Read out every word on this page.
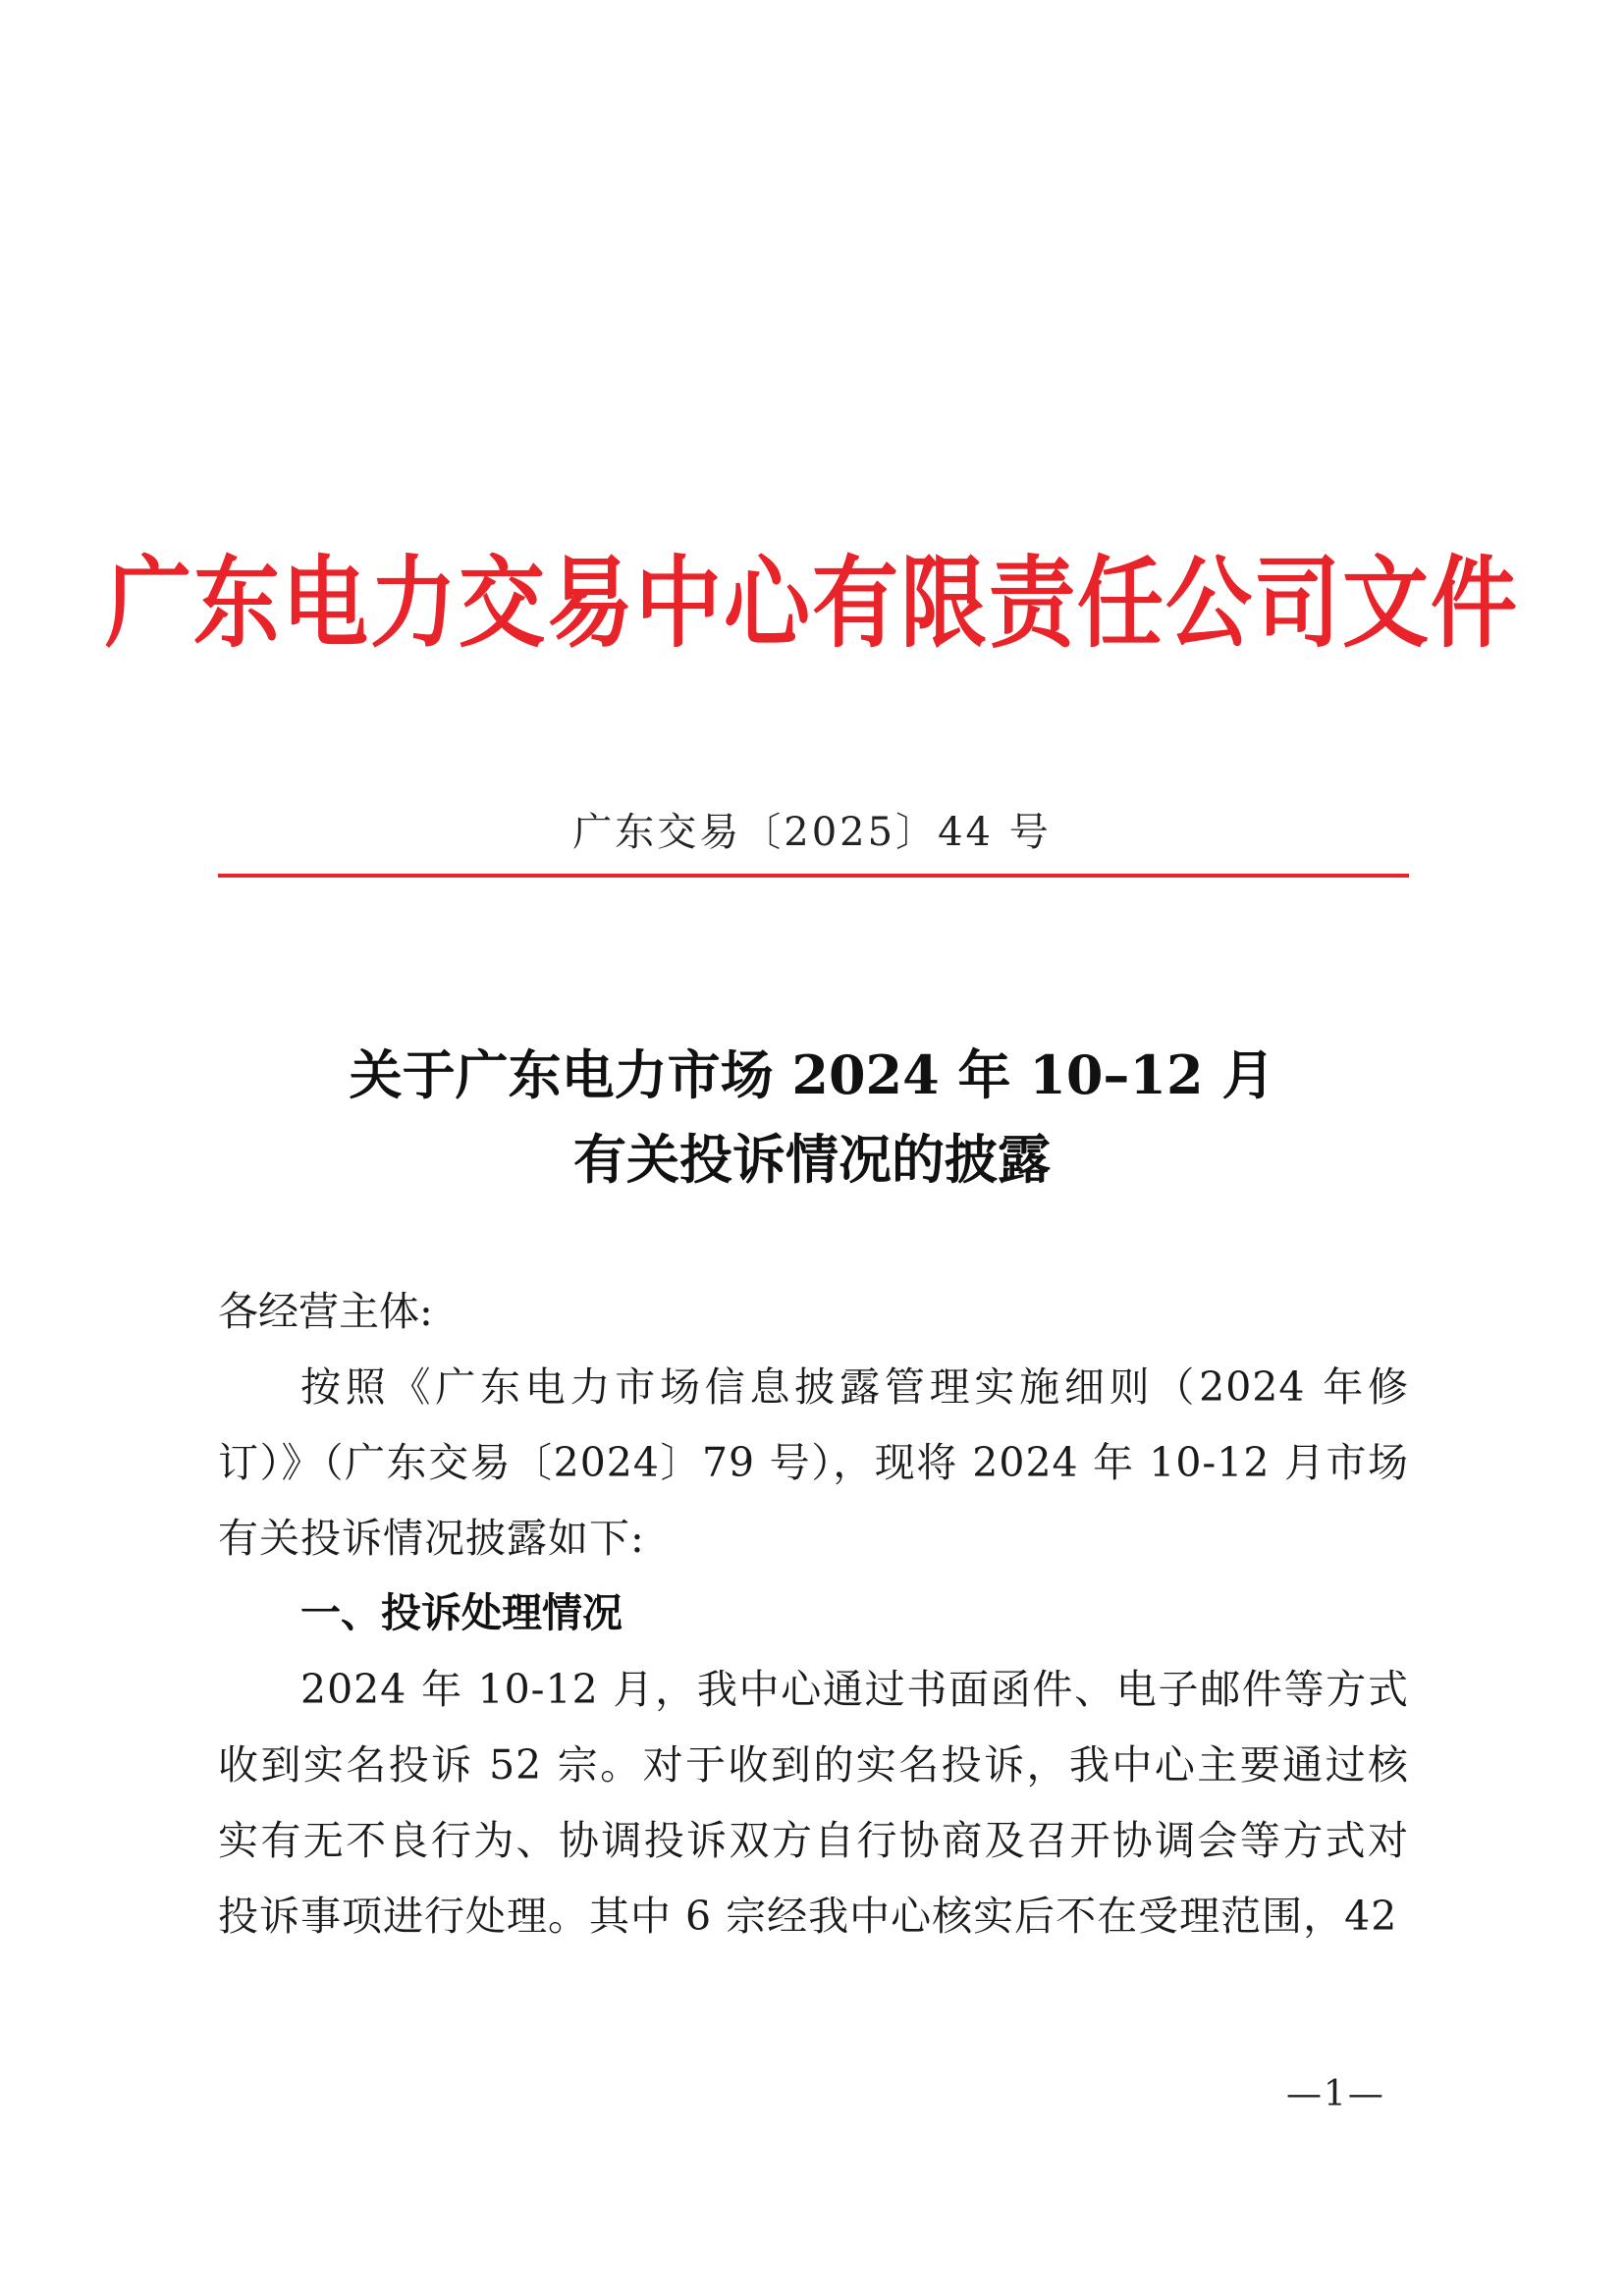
广东电力交易中心有限责任公司文件
广东交易〔2025〕44 号
关于广东电力市场 2024 年 10–12 月
有关投诉情况的披露
各经营主体:
按照《广东电力市场信息披露管理实施细则（2024 年修订）》（广东交易〔2024〕79 号），现将 2024 年 10-12 月市场有关投诉情况披露如下:
一、投诉处理情况
2024 年 10-12 月，我中心通过书面函件、电子邮件等方式收到实名投诉 52 宗。对于收到的实名投诉，我中心主要通过核实有无不良行为、协调投诉双方自行协商及召开协调会等方式对投诉事项进行处理。其中 6 宗经我中心核实后不在受理范围，42
—1—
